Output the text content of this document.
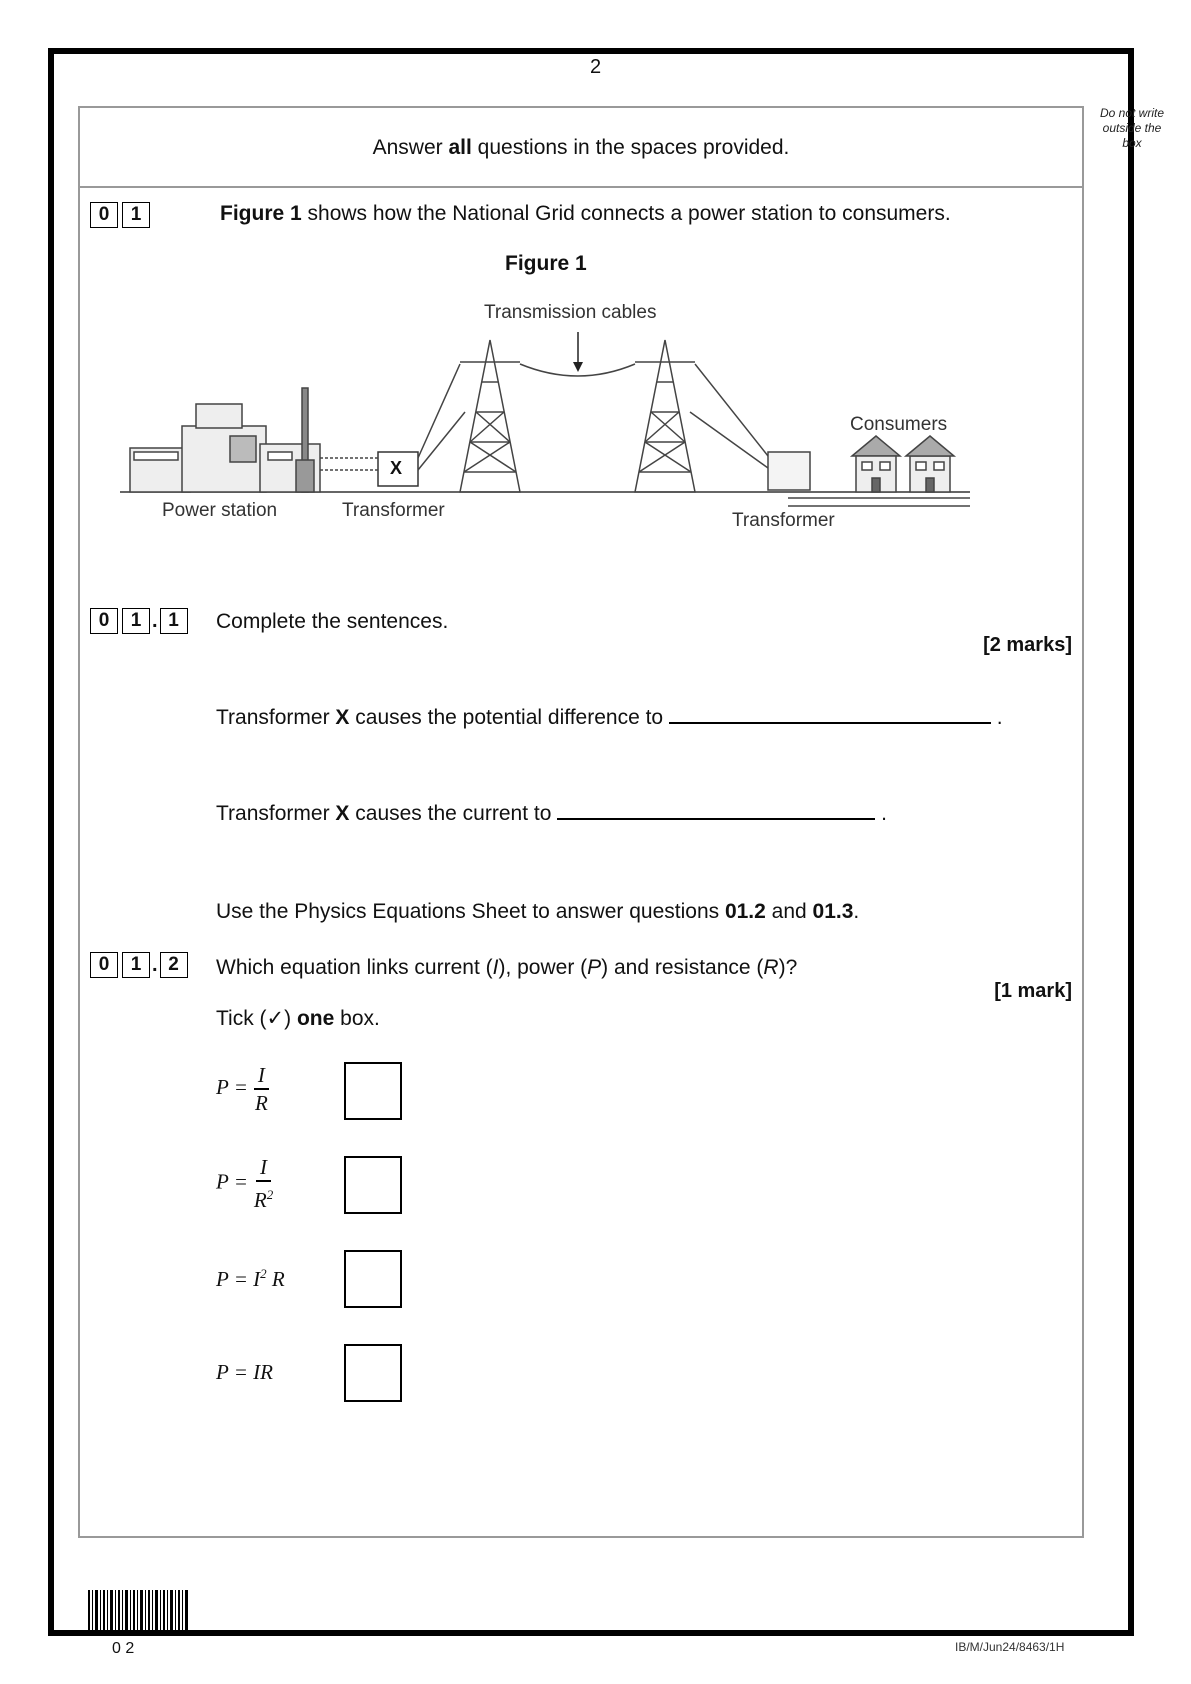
2
Do not write outside the box
Answer all questions in the spaces provided.
0	1	Figure 1 shows how the National Grid connects a power station to consumers.
Figure 1
Transmission cables
Power station	Transformer
X
Consumers
Transformer
0	1 . 1	Complete the sentences.
[2 marks]
Transformer X causes the potential difference to	.
Transformer X causes the current to	.
Use the Physics Equations Sheet to answer questions 01.2 and 01.3.
0	1 . 2	Which equation links current (I), power (P) and resistance (R)?
[1 mark]
Tick (✓) one box.
$P = \frac{I}{R}$
$P = \frac{I}{R^2}$
$P = I^2$ R
P = IR
0 2	IB/M/Jun24/8463/1H
